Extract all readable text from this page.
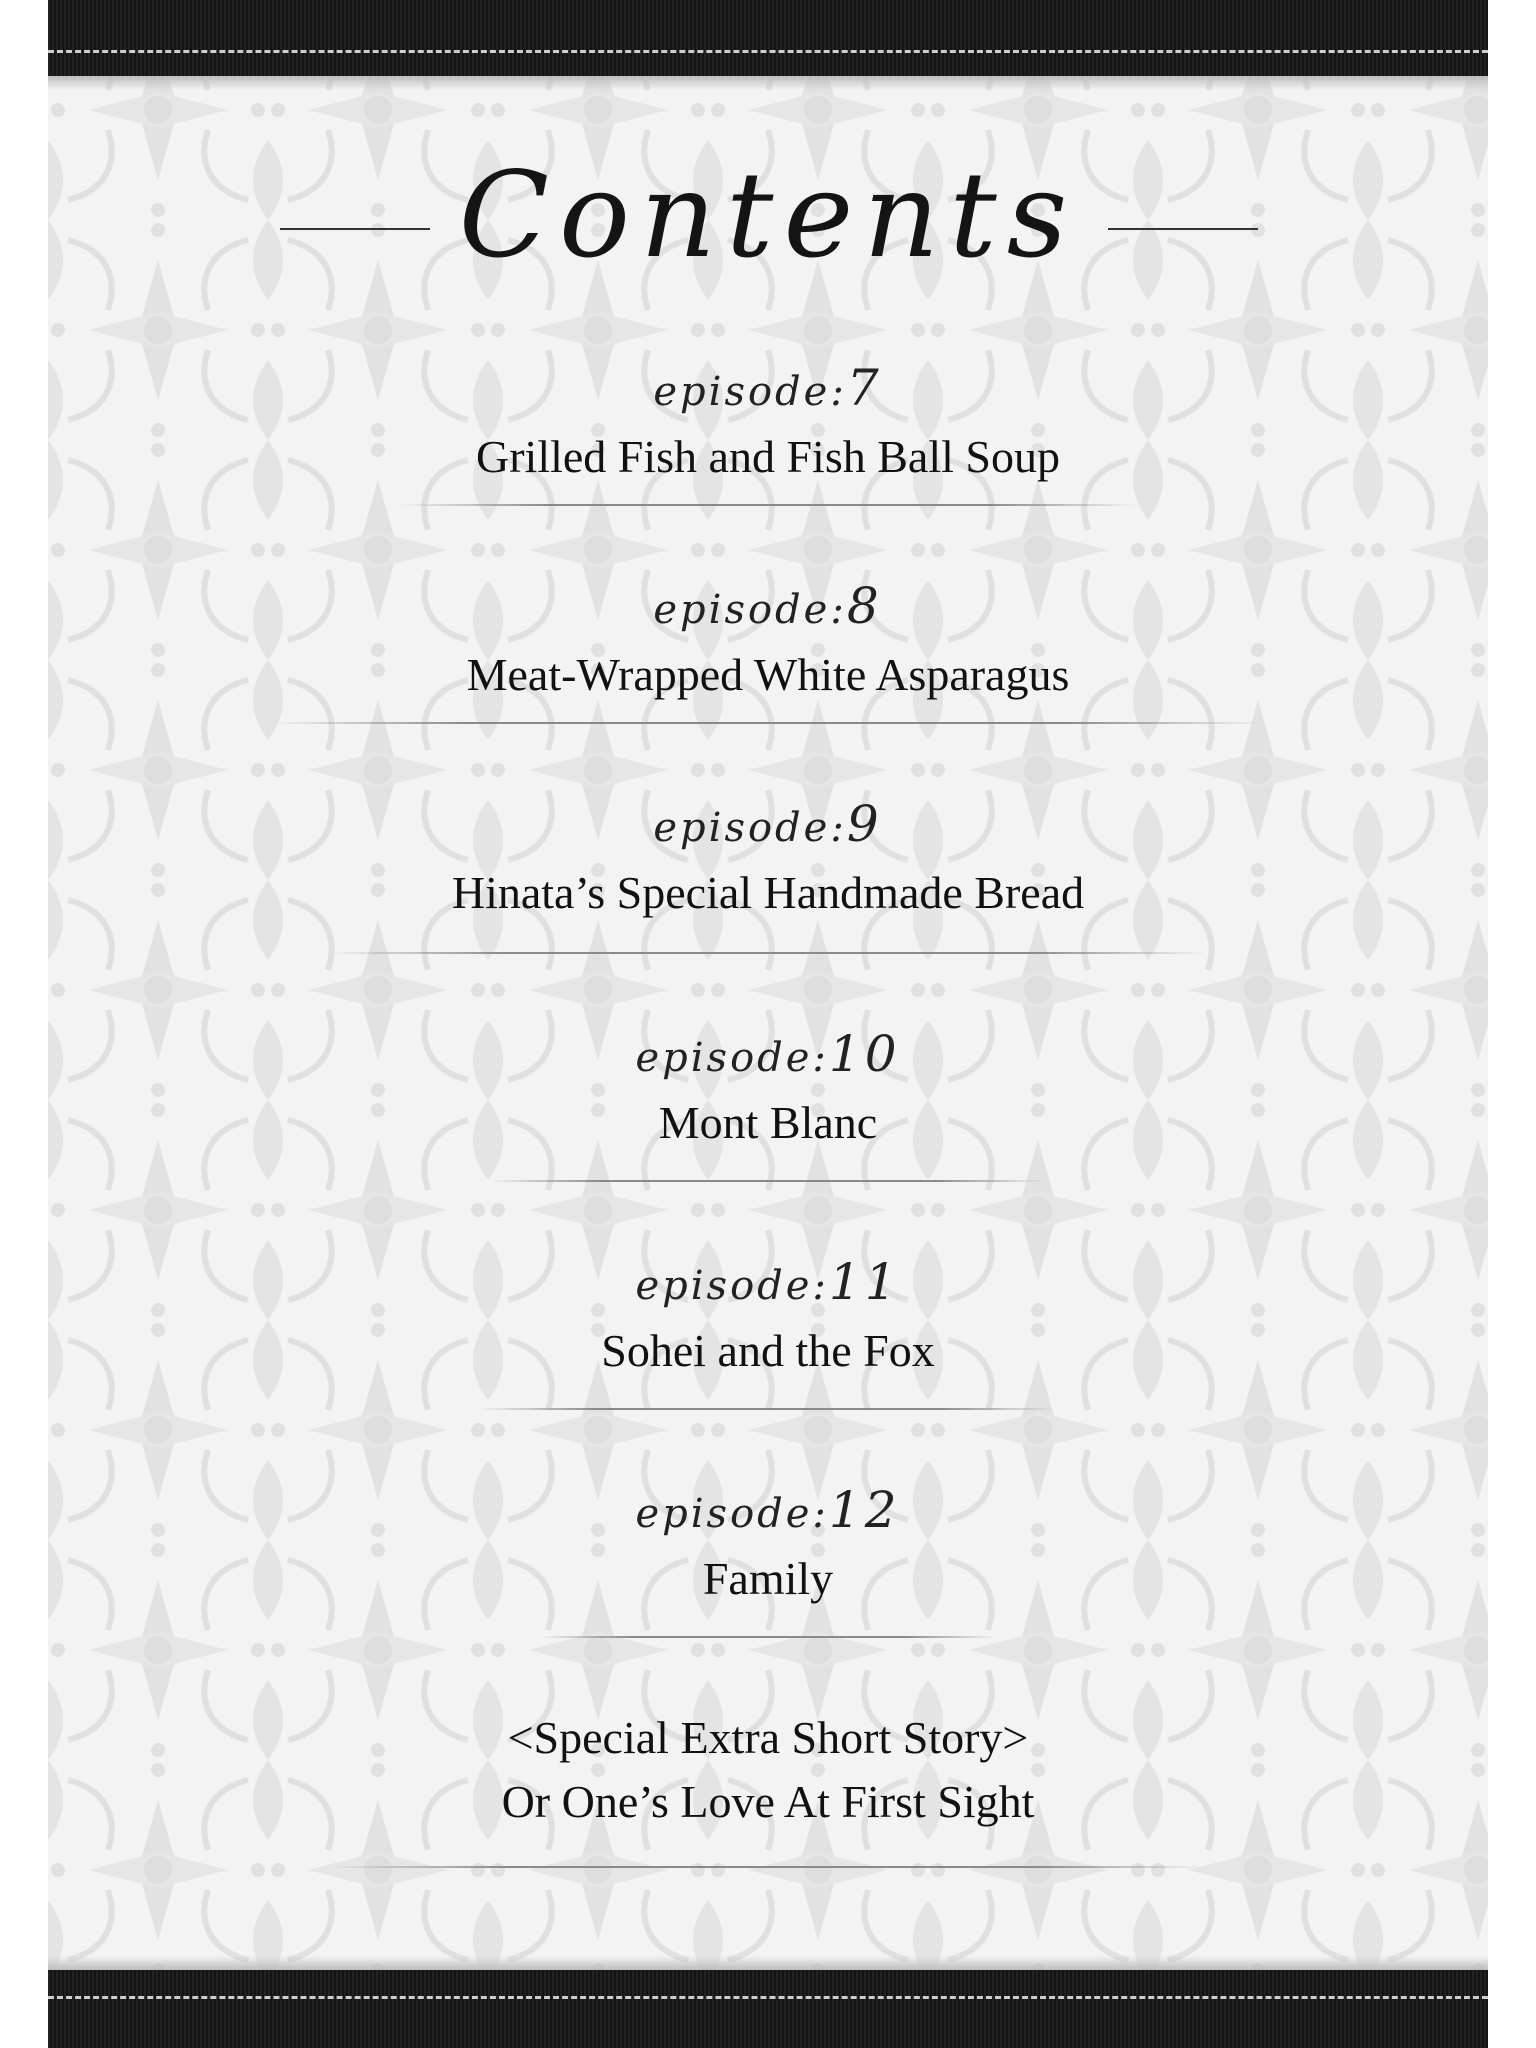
Contents
episode:7
Grilled Fish and Fish Ball Soup
episode:8
Meat-Wrapped White Asparagus
episode:9
Hinata’s Special Handmade Bread
episode:10
Mont Blanc
episode:11
Sohei and the Fox
episode:12
Family
<Special Extra Short Story>
Or One’s Love At First Sight
